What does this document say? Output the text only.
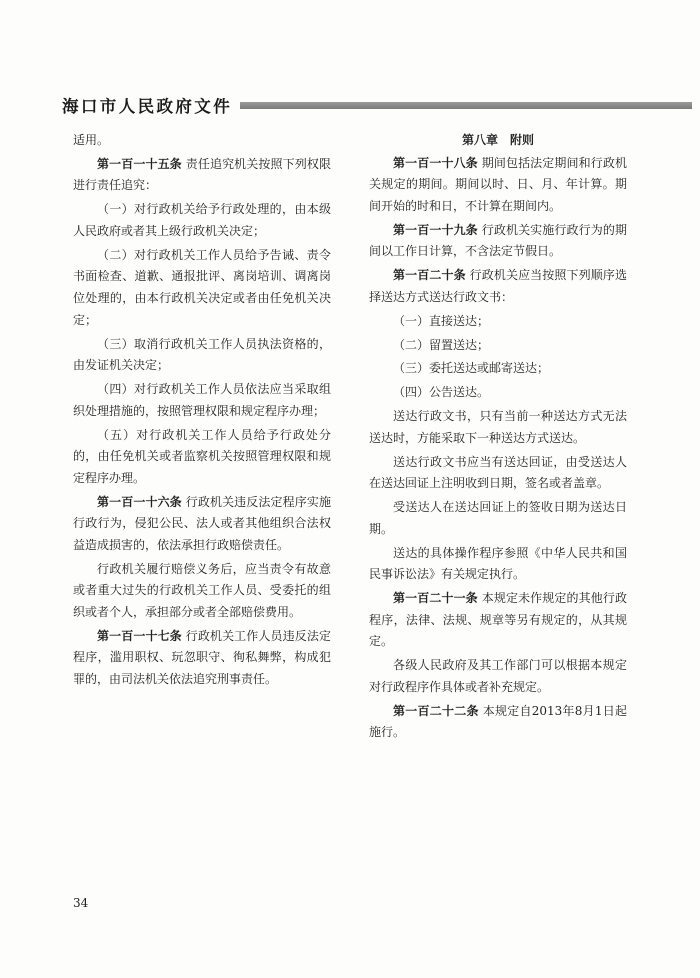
海口市人民政府文件

适用。

第一百一十五条 责任追究机关按照下列权限进行责任追究：

（一）对行政机关给予行政处理的，由本级人民政府或者其上级行政机关决定；

（二）对行政机关工作人员给予告诫、责令书面检查、道歉、通报批评、离岗培训、调离岗位处理的，由本行政机关决定或者由任免机关决定；

（三）取消行政机关工作人员执法资格的，由发证机关决定；

（四）对行政机关工作人员依法应当采取组织处理措施的，按照管理权限和规定程序办理；

（五）对行政机关工作人员给予行政处分的，由任免机关或者监察机关按照管理权限和规定程序办理。

第一百一十六条 行政机关违反法定程序实施行政行为，侵犯公民、法人或者其他组织合法权益造成损害的，依法承担行政赔偿责任。

行政机关履行赔偿义务后，应当责令有故意或者重大过失的行政机关工作人员、受委托的组织或者个人，承担部分或者全部赔偿费用。

第一百一十七条 行政机关工作人员违反法定程序，滥用职权、玩忽职守、徇私舞弊，构成犯罪的，由司法机关依法追究刑事责任。

第八章　附则

第一百一十八条 期间包括法定期间和行政机关规定的期间。期间以时、日、月、年计算。期间开始的时和日，不计算在期间内。

第一百一十九条 行政机关实施行政行为的期间以工作日计算，不含法定节假日。

第一百二十条 行政机关应当按照下列顺序选择送达方式送达行政文书：

（一）直接送达；

（二）留置送达；

（三）委托送达或邮寄送达；

（四）公告送达。

送达行政文书，只有当前一种送达方式无法送达时，方能采取下一种送达方式送达。

送达行政文书应当有送达回证，由受送达人在送达回证上注明收到日期，签名或者盖章。

受送达人在送达回证上的签收日期为送达日期。

送达的具体操作程序参照《中华人民共和国民事诉讼法》有关规定执行。

第一百二十一条 本规定未作规定的其他行政程序，法律、法规、规章等另有规定的，从其规定。

各级人民政府及其工作部门可以根据本规定对行政程序作具体或者补充规定。

第一百二十二条 本规定自2013年8月1日起施行。

34
